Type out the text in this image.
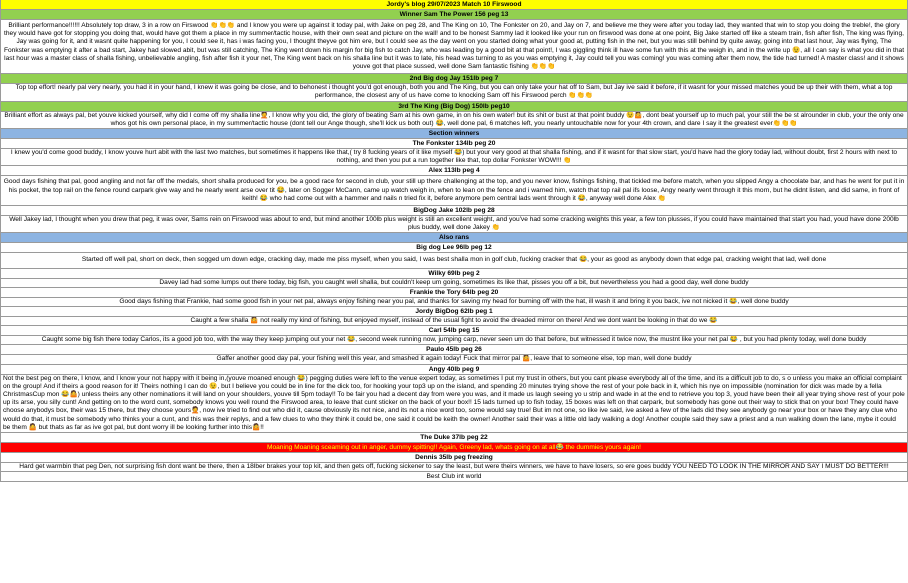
Jordy's blog 29/07/2023 Match 10 Firswood
Winner Sam The Power 156 peg 13
Brilliant performance!!!!!! Absolutely top draw, 3 in a row on Firswood 👏👏👏 and I know you were up against it today pal, with Jake on peg 28, and The King on 10, The Fonkster on 20, and Jay on 7, and believe me they were after you today lad, they wanted that win to stop you doing the treble!, the glory they would have got for stopping you doing that, would have got them a place in my summer/tactic house, with their own seat and picture on the wall! and to be honest Sammy lad it looked like your run on firswood was done at one point, Big Jake started off like a steam train, fish after fish, The king was flying, Jay was going for it, and it wasnt quite happening for you, I could see it, has i was facing you, I thought theyve got him ere, but I could see as the day went on you started doing what your good at, putting fish in the net, but you was still behind by quite away, going into that last hour, Jay was flying, The Fonkster was emptying it after a bad start, Jakey had slowed abit, but was still catching, The King went down his margin for big fish to catch Jay, who was leading by a good bit at that point!, I was giggling think ill have some fun with this at the weigh in, and in the write up 😉, all I can say is what you did in that last hour was a master class of shalla fishing, unbelievable angling, fish after fish it your net, The King went back on his shalla line but it was to late, his head was turning to as you was emptying it, Jay could tell you was coming! you was coming after them now, the tide had turned! A master class! and it shows youve got that place sussed, well done Sam fantastic fishing 👏👏👏
2nd Big dog Jay 151lb peg 7
Top top effort! nearly pal very nearly, you had it in your hand, I knew it was going be close, and to behonest i thought you'd got enough, both you and The King, but you can only take your hat off to Sam, but Jay ive said it before, if it wasnt for your missed matches youd be up their with them, what a top performance, the closest any of us have come to knocking Sam off his Firswood perch 👏👏👏
3rd The King (Big Dog) 150lb peg10
Brilliant effort as always pal, bet youve kicked yourself, why did I come off my shalla line🤦, I know why you did, the glory of beating Sam at his own game, in on his own water! but its shit or bust at that point buddy 😉🤷, dont beat yourself up to much pal, your still the be st alrounder in club, your the only one whos got his own personal place, in my summer/tactic house (dont tell our Ange though, she'll kick us both out) 😂, well done pal, 6 matches left, you nearly untouchable now for your 4th crown, and dare I say it the greatest ever👏👏👏
Section winners
The Fonkster 134lb peg 20
I knew you'd come good buddy, I know youve hurt abit with the last two matches, but sometimes it happens like that,( try 8 fucking years of it like myself 😂) but your very good at that shalla fishing, and if it wasnt for that slow start, you'd have had the glory today lad, without doubt, first 2 hours with next to nothing, and then you put a run together like that, top dollar Fonkster WOW!!! 👏
Alex 113lb peg 4
Good days fishing that pal, good angling and not far off the medals, short shalla produced for you, be a good race for second in club, your still up there challenging at the top, and you never know, fishings fishing, that tickled me before match, when you slipped Angy a chocolate bar, and has he went for put it in his pocket, the top rail on the fence round carpark give way and he nearly went arse over tit 😂, later on Sogger McCann, came up watch weigh in, when to lean on the fence and i warned him, watch that top rail pal ifs loose, Angy nearly went through it this morn, but he didnt listen, and did same, in front of keith! 😂 who had come out with a hammer and nails n tried fix it, before anymore pem central lads went through it 😂, anyway well done Alex 👏
BigDog Jake 102lb peg 28
Well Jakey lad, I thought when you drew that peg, it was over, Sams rein on Firswood was about to end, but mind another 100lb plus weight is still an excellent weight, and you've had some cracking weights this year, a few ton plusses, if you could have maintained that start you had, youd have done 200lb plus buddy, well done Jakey 👏
Also rans
Big dog Lee 96lb peg 12
Started off well pal, short on deck, then sogged um down edge, cracking day, made me piss myself, when you said, I was best shalla mon in golf club, fucking cracker that 😂, your as good as anybody down that edge pal, cracking weight that lad, well done
Wilky 69lb peg 2
Davey lad had some lumps out there today, big fish, you caught well shalla, but couldn't keep um going, sometimes its like that, pisses you off a bit, but nevertheless you had a good day, well done buddy
Frankie the Tory 64lb peg 20
Good days fishing that Frankie, had some good fish in your net pal, always enjoy fishing near you pal, and thanks for saving my head for burning off with the hat, ill wash it and bring it you back, ive not nicked it 😂, well done buddy
Jordy BigDog 62lb peg 1
Caught a few shalla 🤷 not really my kind of fishing, but enjoyed myself, instead of the usual fight to avoid the dreaded mirror on there! And we dont want be looking in that do we 😂
Carl 54lb peg 15
Caught some big fish there today Carlos, its a good job too, with the way they keep jumping out your net 😂, second week running now, jumping carp, never seen um do that before, but witnessed it twice now, the mustnt like your net pal 😂 , but you had plenty today, well done buddy
Paulo 45lb peg 26
Gaffer another good day pal, your fishing well this year, and smashed it again today! Fuck that mirror pal 🤷, leave that to someone else, top man, well done buddy
Angy 40lb peg 9
Not the best peg on there, I know, and I know your not happy with it being in,(youve moaned enough 😂) pegging duties were left to the venue expert today, as sometimes I put my trust in others, but you cant please everybody all of the time, and its a difficult job to do, s o unless you make an official complaint on the group! And if theirs a good reason for it! Theirs nothing I can do 😉, but I believe you could be in line for the dick too, for hooking your top3 up on the island, and spending 20 minutes trying shove the rest of your pole back in it, which his nye on impossible (nomination for dick was made by a fella ChristmasCup mon 😂🤷) unless theirs any other nominations it will land on your shoulders, youve till 5pm today!! To be fair you had a decent day from were you was, and it made us laugh seeing yo u strip and wade in at the end to retrieve you top 3, youd have been their all year trying shove rest of your pole up its arse, you silly cunt! And getting on to the word cunt, somebody knows you well round the Firswood area, to leave that cunt sticker on the back of your box!! 15 lads turned up to fish today, 15 boxes was left on that carpark, but somebody has gone out their way to stick that on your box! They could have choose anybodys box, their was 15 there, but they choose yours🤦, now ive tried to find out who did it, cause obviously its not nice, and its not a nice word too, some would say true! But im not one, so like ive said, ive asked a few of the lads did they see anybody go near your box or have they any clue who would do that, it must be somebody who thinks your a cunt, and this was their replys, and a few clues to who they think it could be, one said it could be keith the owner! Another said their was a little old lady walking a dog! Another couple said they saw a priest and a nun walking down the lane, mybe it could be them 🤷 but thats as far as ive got pal, but dont worry ill be looking further into this🤷!!
The Duke 37lb peg 22
Moaning Moaning sceaming out in anger, dummy spitting!! Again, Greeny lad, whats going on at all😂 the dummies yours again!
Dennis 35lb peg freezing
Hard get warmbin that peg Den, not surprising fish dont want be there, then a 18lber brakes your top kit, and then gets off, fucking sickener to say the least, but were theirs winners, we have to have losers, so ere goes buddy YOU NEED TO LOOK IN THE MIRROR AND SAY I MUST DO BETTER!!!
Best Club int world
